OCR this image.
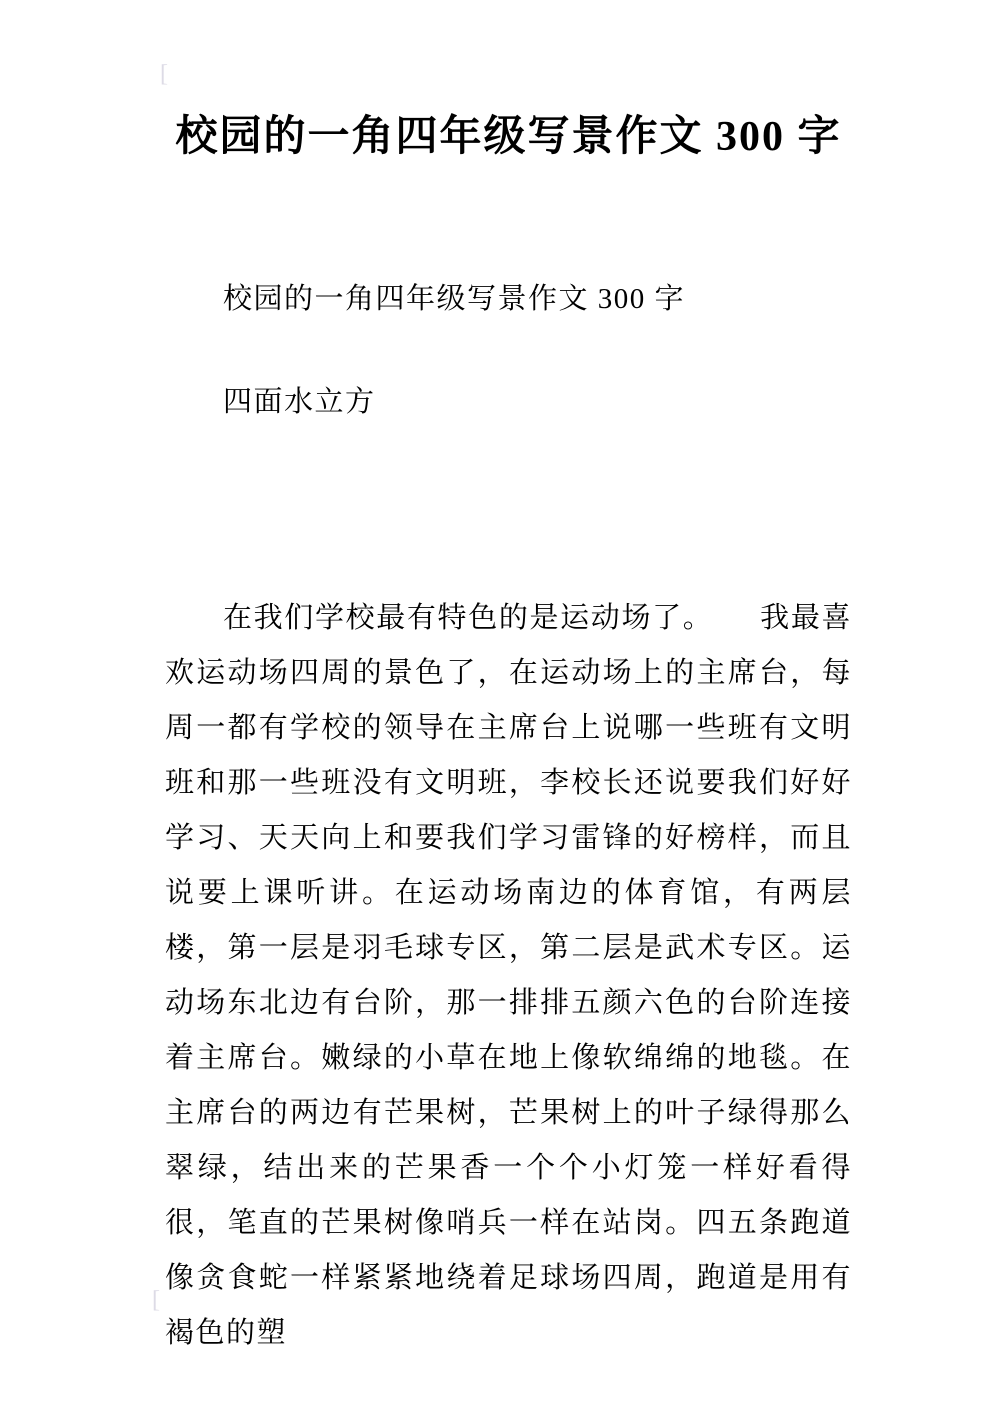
[
校园的一角四年级写景作文 300 字

校园的一角四年级写景作文 300 字

四面水立方

在我们学校最有特色的是运动场了。　　我最喜欢运动场四周的景色了，在运动场上的主席台，每周一都有学校的领导在主席台上说哪一些班有文明班和那一些班没有文明班，李校长还说要我们好好学习、天天向上和要我们学习雷锋的好榜样，而且说要上课听讲。在运动场南边的体育馆，有两层楼，第一层是羽毛球专区，第二层是武术专区。运动场东北边有台阶，那一排排五颜六色的台阶连接着主席台。嫩绿的小草在地上像软绵绵的地毯。在主席台的两边有芒果树，芒果树上的叶子绿得那么翠绿，结出来的芒果香一个个小灯笼一样好看得很，笔直的芒果树像哨兵一样在站岗。四五条跑道像贪食蛇一样紧紧地绕着足球场四周，跑道是用有褐色的塑

[
